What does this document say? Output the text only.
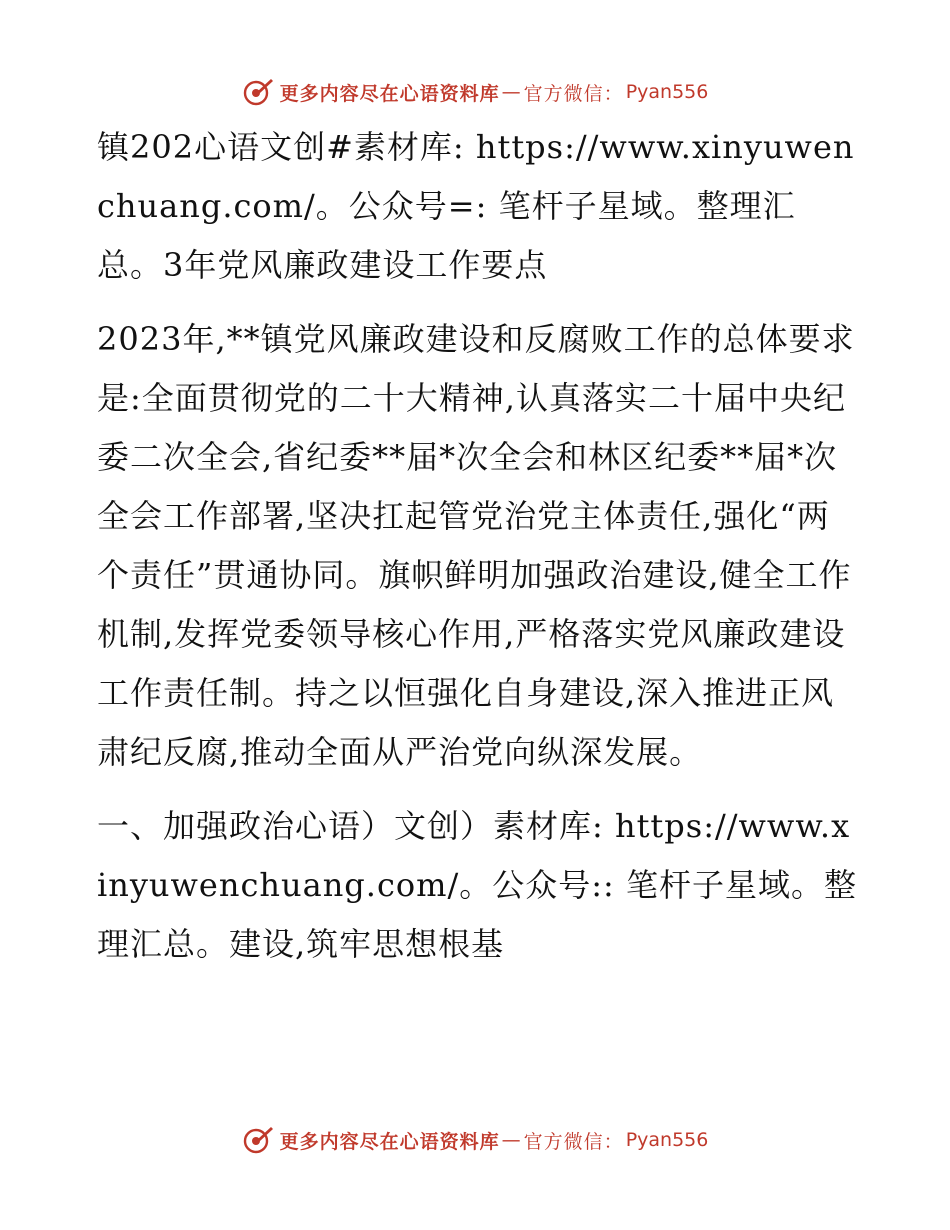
更多内容尽在心语资料库 — 官方微信： Pyan556

镇202心语文创#素材库: https://www.xinyuwenchuang.com/。公众号=: 笔杆子星域。整理汇总。3年党风廉政建设工作要点

2023年,**镇党风廉政建设和反腐败工作的总体要求是:全面贯彻党的二十大精神,认真落实二十届中央纪委二次全会,省纪委**届*次全会和林区纪委**届*次全会工作部署,坚决扛起管党治党主体责任,强化“两个责任”贯通协同。旗帜鲜明加强政治建设,健全工作机制,发挥党委领导核心作用,严格落实党风廉政建设工作责任制。持之以恒强化自身建设,深入推进正风肃纪反腐,推动全面从严治党向纵深发展。

一、加强政治心语）文创）素材库: https://www.xinyuwenchuang.com/。公众号:: 笔杆子星域。整理汇总。建设,筑牢思想根基

更多内容尽在心语资料库 — 官方微信： Pyan556
